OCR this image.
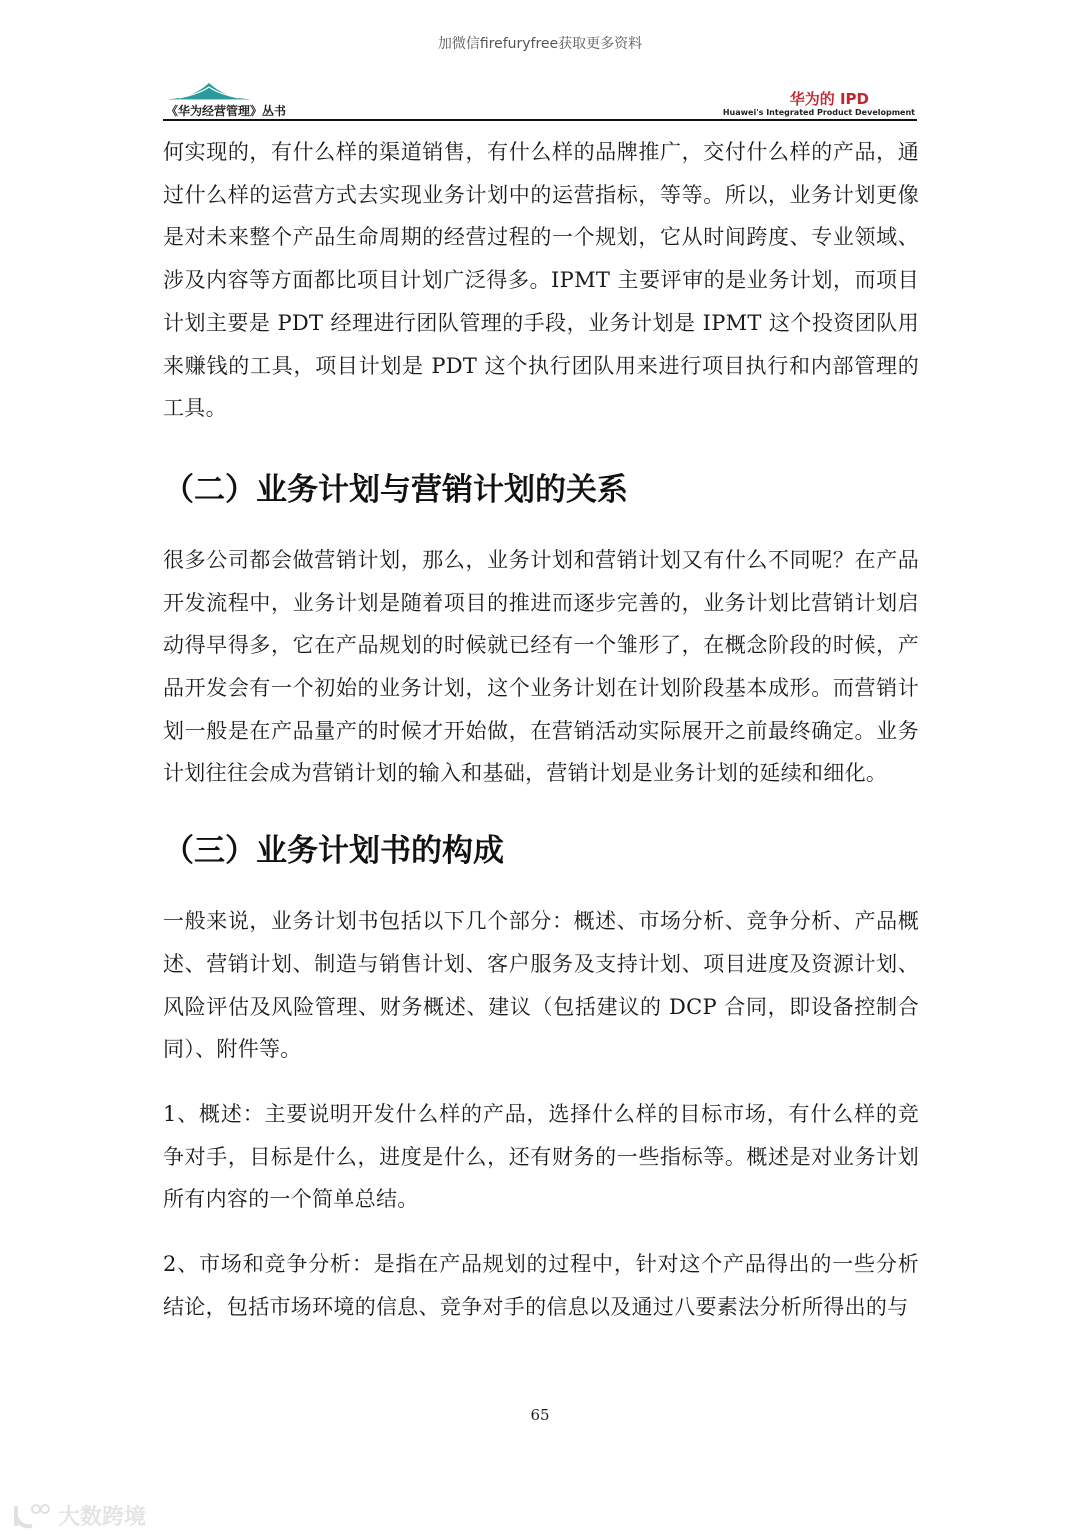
加微信firefuryfree获取更多资料
《华为经营管理》丛书
华为的 IPD
Huawei's Integrated Product Development

何实现的，有什么样的渠道销售，有什么样的品牌推广，交付什么样的产品，通过什么样的运营方式去实现业务计划中的运营指标，等等。所以，业务计划更像是对未来整个产品生命周期的经营过程的一个规划，它从时间跨度、专业领域、涉及内容等方面都比项目计划广泛得多。IPMT 主要评审的是业务计划，而项目计划主要是 PDT 经理进行团队管理的手段，业务计划是 IPMT 这个投资团队用来赚钱的工具，项目计划是 PDT 这个执行团队用来进行项目执行和内部管理的工具。

（二）业务计划与营销计划的关系

很多公司都会做营销计划，那么，业务计划和营销计划又有什么不同呢？在产品开发流程中，业务计划是随着项目的推进而逐步完善的，业务计划比营销计划启动得早得多，它在产品规划的时候就已经有一个雏形了，在概念阶段的时候，产品开发会有一个初始的业务计划，这个业务计划在计划阶段基本成形。而营销计划一般是在产品量产的时候才开始做，在营销活动实际展开之前最终确定。业务计划往往会成为营销计划的输入和基础，营销计划是业务计划的延续和细化。

（三）业务计划书的构成

一般来说，业务计划书包括以下几个部分：概述、市场分析、竞争分析、产品概述、营销计划、制造与销售计划、客户服务及支持计划、项目进度及资源计划、风险评估及风险管理、财务概述、建议（包括建议的 DCP 合同，即设备控制合同）、附件等。

1、概述：主要说明开发什么样的产品，选择什么样的目标市场，有什么样的竞争对手，目标是什么，进度是什么，还有财务的一些指标等。概述是对业务计划所有内容的一个简单总结。

2、市场和竞争分析：是指在产品规划的过程中，针对这个产品得出的一些分析结论，包括市场环境的信息、竞争对手的信息以及通过八要素法分析所得出的与

65
大数跨境
